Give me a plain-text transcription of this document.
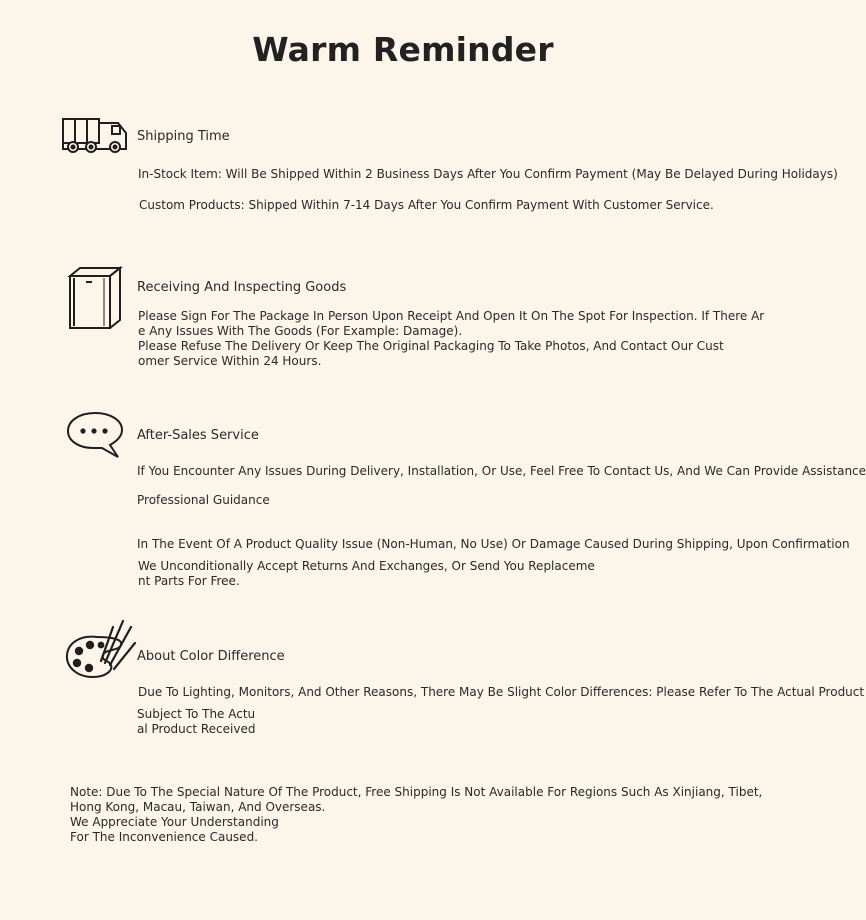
Warm Reminder
Shipping Time
In-Stock Item: Will Be Shipped Within 2 Business Days After You Confirm Payment (May Be Delayed During Holidays)
Custom Products: Shipped Within 7-14 Days After You Confirm Payment With Customer Service.
Receiving And Inspecting Goods
Please Sign For The Package In Person Upon Receipt And Open It On The Spot For Inspection. If There Ar
e Any Issues With The Goods (For Example: Damage).
Please Refuse The Delivery Or Keep The Original Packaging To Take Photos, And Contact Our Cust
omer Service Within 24 Hours.
After-Sales Service
If You Encounter Any Issues During Delivery, Installation, Or Use, Feel Free To Contact Us, And We Can Provide Assistance
Professional Guidance
In The Event Of A Product Quality Issue (Non-Human, No Use) Or Damage Caused During Shipping, Upon Confirmation
We Unconditionally Accept Returns And Exchanges, Or Send You Replaceme
nt Parts For Free.
About Color Difference
Due To Lighting, Monitors, And Other Reasons, There May Be Slight Color Differences: Please Refer To The Actual Product
Subject To The Actu
al Product Received
Note: Due To The Special Nature Of The Product, Free Shipping Is Not Available For Regions Such As Xinjiang, Tibet,
Hong Kong, Macau, Taiwan, And Overseas.
We Appreciate Your Understanding
For The Inconvenience Caused.
